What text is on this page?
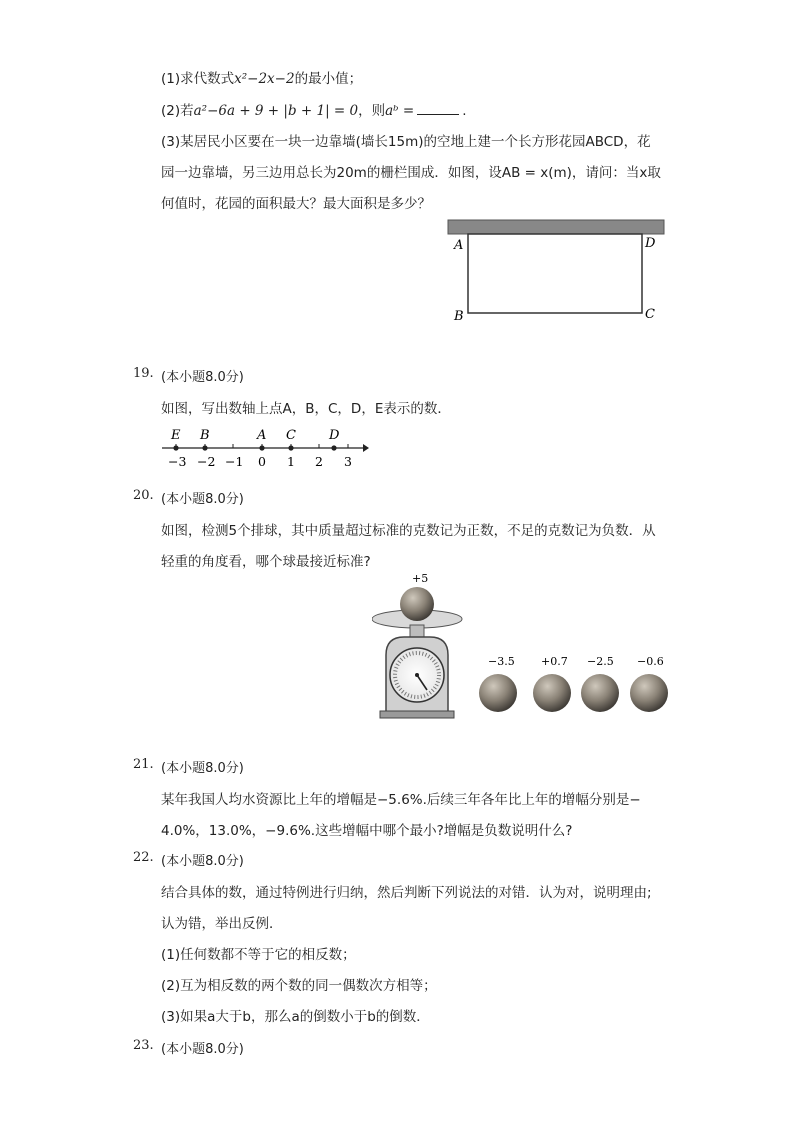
(1)求代数式x²−2x−2的最小值；
(2)若a²−6a + 9 + |b + 1| = 0，则aᵇ =	.
(3)某居民小区要在一块一边靠墙(墙长15m)的空地上建一个长方形花园ABCD，花
园一边靠墙，另三边用总长为20m的栅栏围成．如图，设AB = x(m)，请问：当x取
何值时，花园的面积最大？最大面积是多少？
A	D
B	C
19. (本小题8.0分)
如图，写出数轴上点A，B，C，D，E表示的数．
E B	A C	D
−3 −2 −1 0 1 2 3
20. (本小题8.0分)
如图，检测5个排球，其中质量超过标准的克数记为正数，不足的克数记为负数．从
轻重的角度看，哪个球最接近标准?
+5
−3.5 +0.7 −2.5 −0.6
21. (本小题8.0分)
某年我国人均水资源比上年的增幅是−5.6%.后续三年各年比上年的增幅分别是−
4.0%，13.0%，−9.6%.这些增幅中哪个最小?增幅是负数说明什么?
22. (本小题8.0分)
结合具体的数，通过特例进行归纳，然后判断下列说法的对错．认为对，说明理由;
认为错，举出反例．
(1)任何数都不等于它的相反数；
(2)互为相反数的两个数的同一偶数次方相等；
(3)如果a大于b，那么a的倒数小于b的倒数．
23. (本小题8.0分)
